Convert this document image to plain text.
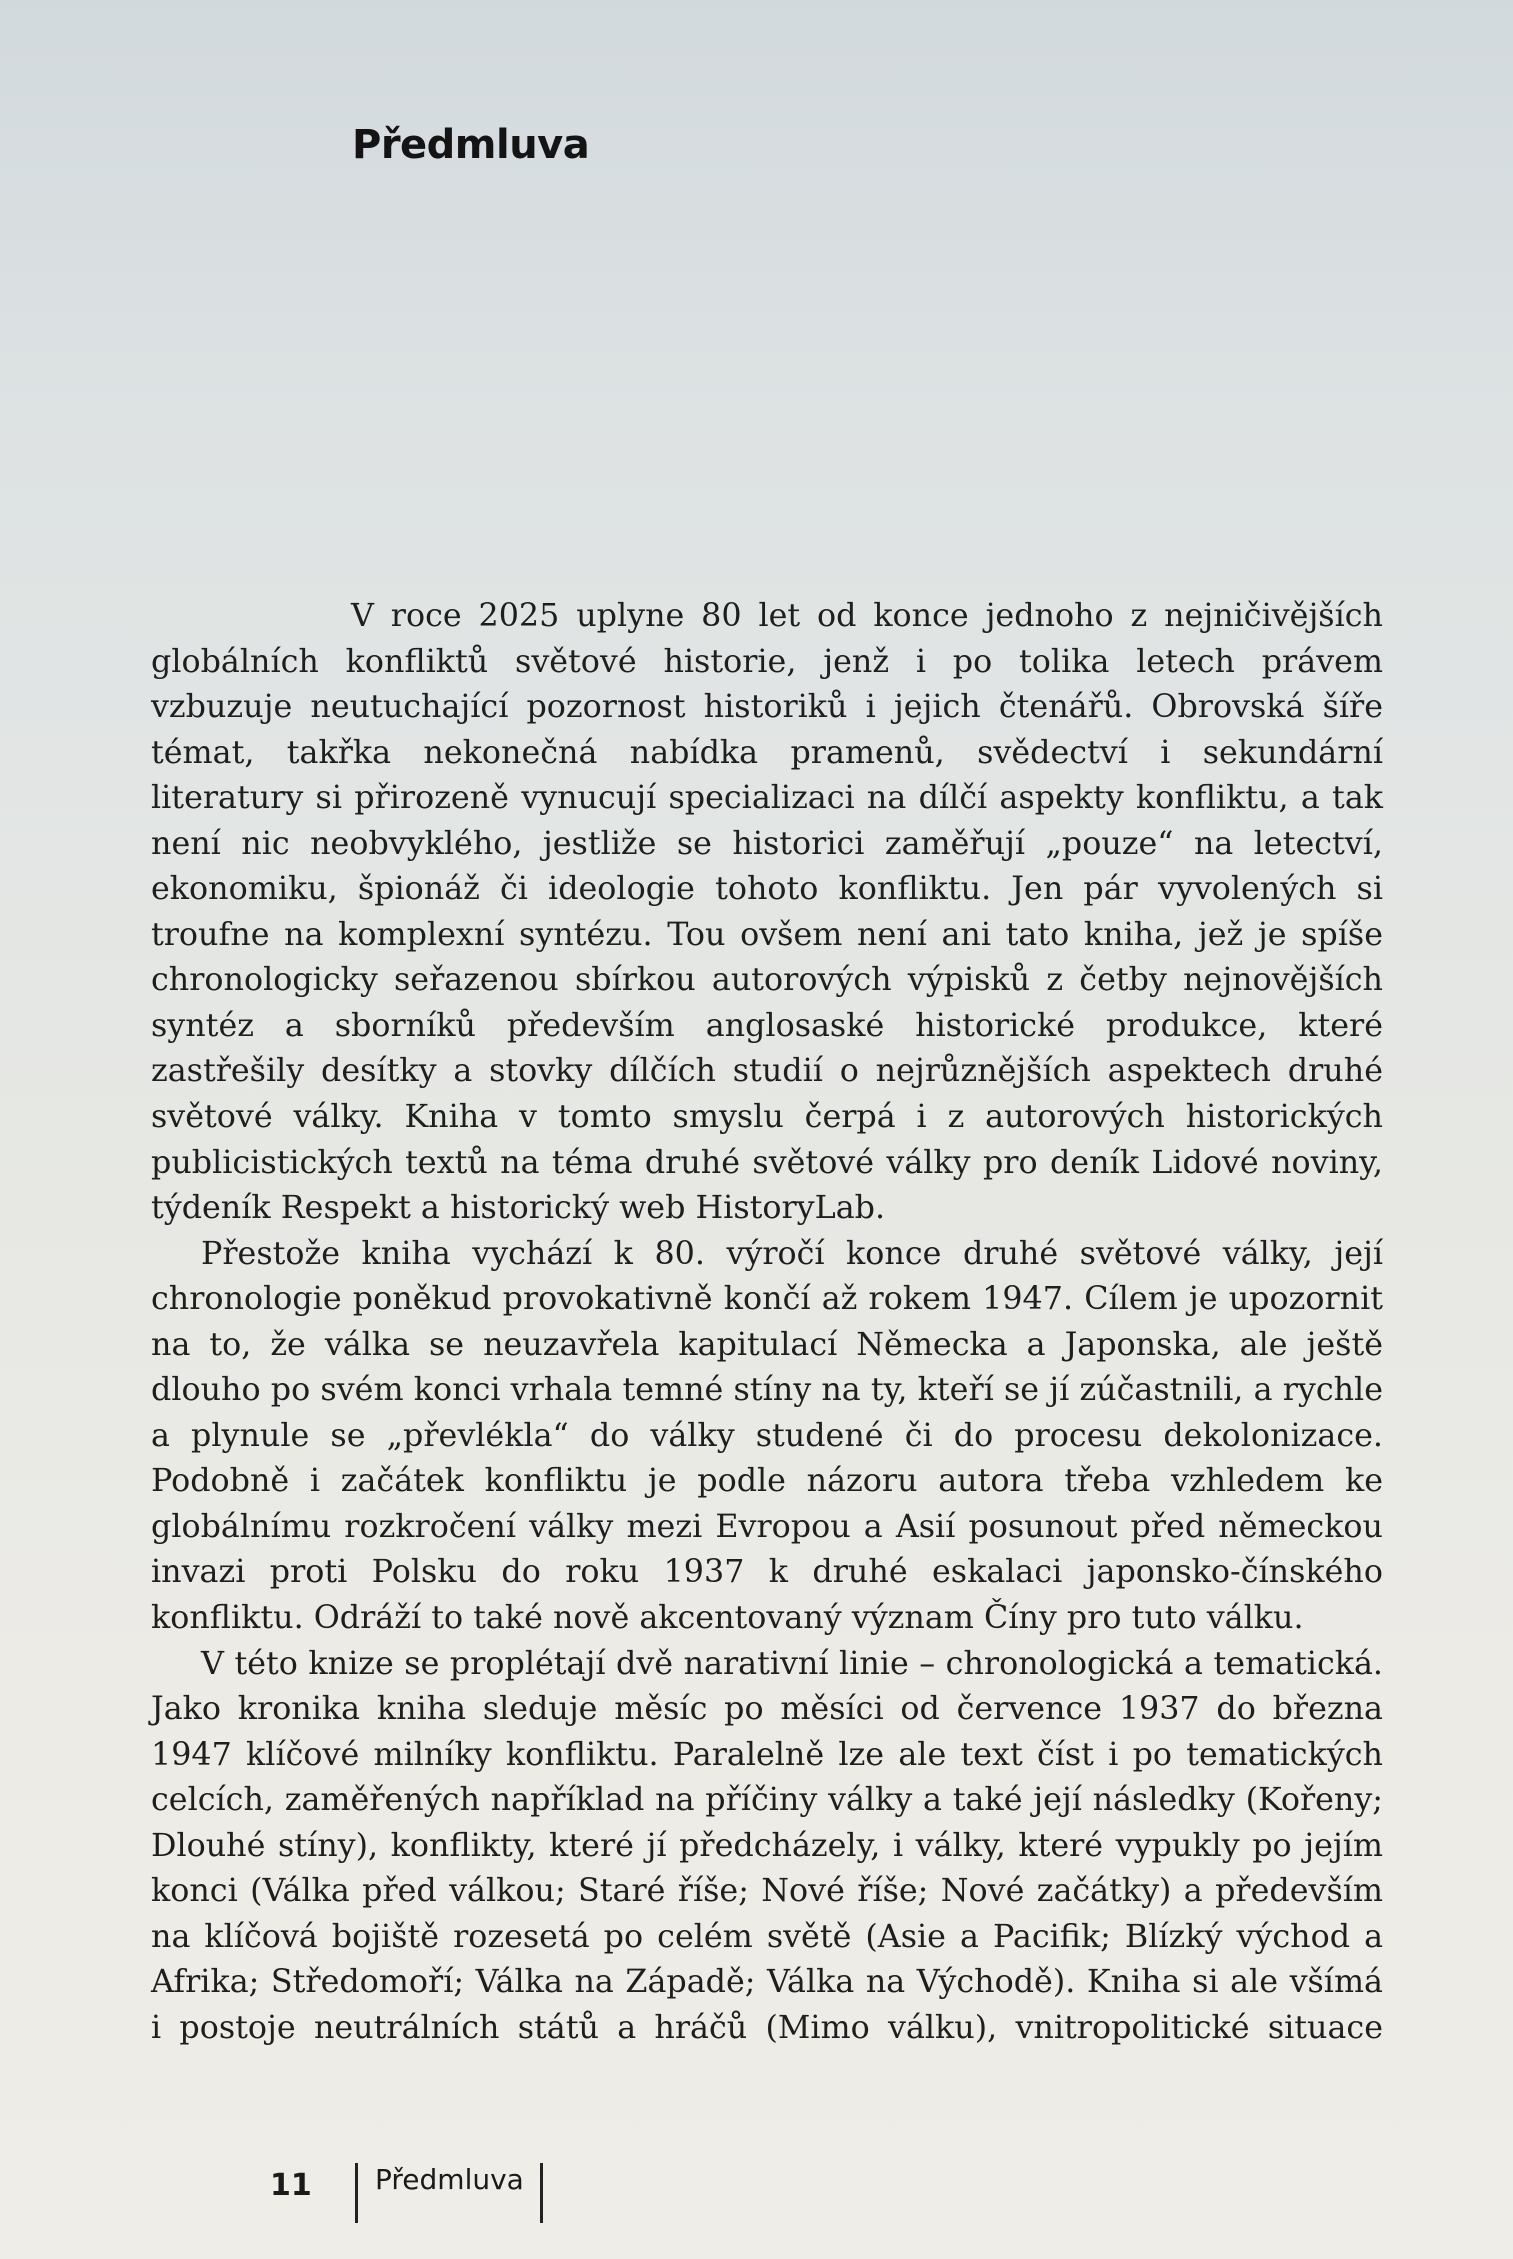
Předmluva

V roce 2025 uplyne 80 let od konce jednoho z nejničivějších globálních konfliktů světové historie, jenž i po tolika letech právem vzbuzuje neutuchající pozornost historiků i jejich čtenářů. Obrovská šíře témat, takřka nekonečná nabídka pramenů, svědectví i sekundární literatury si přirozeně vynucují specializaci na dílčí aspekty konfliktu, a tak není nic neobvyklého, jestliže se historici zaměřují „pouze“ na letectví, ekonomiku, špionáž či ideologie tohoto konfliktu. Jen pár vyvolených si troufne na komplexní syntézu. Tou ovšem není ani tato kniha, jež je spíše chronologicky seřazenou sbírkou autorových výpisků z četby nejnovějších syntéz a sborníků především anglosaské historické produkce, které zastřešily desítky a stovky dílčích studií o nejrůznějších aspektech druhé světové války. Kniha v tomto smyslu čerpá i z autorových historických publicistických textů na téma druhé světové války pro deník Lidové noviny, týdeník Respekt a historický web HistoryLab.

Přestože kniha vychází k 80. výročí konce druhé světové války, její chronologie poněkud provokativně končí až rokem 1947. Cílem je upozornit na to, že válka se neuzavřela kapitulací Německa a Japonska, ale ještě dlouho po svém konci vrhala temné stíny na ty, kteří se jí zúčastnili, a rychle a plynule se „převlékla“ do války studené či do procesu dekolonizace. Podobně i začátek konfliktu je podle názoru autora třeba vzhledem ke globálnímu rozkročení války mezi Evropou a Asií posunout před německou invazi proti Polsku do roku 1937 k druhé eskalaci japonsko-čínského konfliktu. Odráží to také nově akcentovaný význam Číny pro tuto válku.

V této knize se proplétají dvě narativní linie – chronologická a tematická. Jako kronika kniha sleduje měsíc po měsíci od července 1937 do března 1947 klíčové milníky konfliktu. Paralelně lze ale text číst i po tematických celcích, zaměřených například na příčiny války a také její následky (Kořeny; Dlouhé stíny), konflikty, které jí předcházely, i války, které vypukly po jejím konci (Válka před válkou; Staré říše; Nové říše; Nové začátky) a především na klíčová bojiště rozesetá po celém světě (Asie a Pacifik; Blízký východ a Afrika; Středomoří; Válka na Západě; Válka na Východě). Kniha si ale všímá i postoje neutrálních států a hráčů (Mimo válku), vnitropolitické situace

11 Předmluva
